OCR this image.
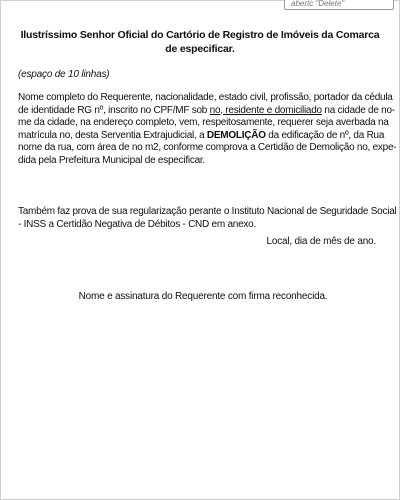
abertc "Delete"
Ilustríssimo Senhor Oficial do Cartório de Registro de Imóveis da Comarca
de especificar.
(espaço de 10 linhas)
Nome completo do Requerente, nacionalidade, estado civil, profissão, portador da cédula
de identidade RG nº, inscrito no CPF/MF sob no, residente e domiciliado na cidade de no-
me da cidade, na endereço completo, vem, respeitosamente, requerer seja averbada na
matrícula no, desta Serventia Extrajudicial, a DEMOLIÇÃO da edificação de nº, da Rua
nome da rua, com área de no m2, conforme comprova a Certidão de Demolição no, expe-
dida pela Prefeitura Municipal de especificar.
Também faz prova de sua regularização perante o Instituto Nacional de Seguridade Social
- INSS a Certidão Negativa de Débitos - CND em anexo.
Local, dia de mês de ano.
Nome e assinatura do Requerente com firma reconhecida.
